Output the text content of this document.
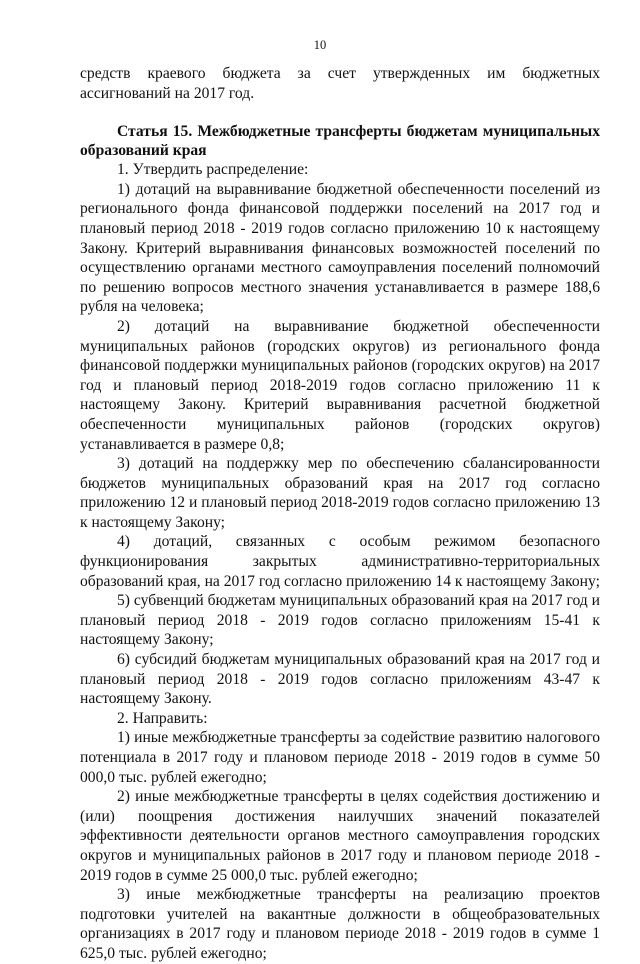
10

средств краевого бюджета за счет утвержденных им бюджетных ассигнований на 2017 год.

Статья 15. Межбюджетные трансферты бюджетам муниципальных образований края

1. Утвердить распределение:

1) дотаций на выравнивание бюджетной обеспеченности поселений из регионального фонда финансовой поддержки поселений на 2017 год и плановый период 2018 - 2019 годов согласно приложению 10 к настоящему Закону. Критерий выравнивания финансовых возможностей поселений по осуществлению органами местного самоуправления поселений полномочий по решению вопросов местного значения устанавливается в размере 188,6 рубля на человека;

2) дотаций на выравнивание бюджетной обеспеченности муниципальных районов (городских округов) из регионального фонда финансовой поддержки муниципальных районов (городских округов) на 2017 год и плановый период 2018-2019 годов согласно приложению 11 к настоящему Закону. Критерий выравнивания расчетной бюджетной обеспеченности муниципальных районов (городских округов) устанавливается в размере 0,8;

3) дотаций на поддержку мер по обеспечению сбалансированности бюджетов муниципальных образований края на 2017 год согласно приложению 12 и плановый период 2018-2019 годов согласно приложению 13 к настоящему Закону;

4) дотаций, связанных с особым режимом безопасного функционирования закрытых административно-территориальных образований края, на 2017 год согласно приложению 14 к настоящему Закону;

5) субвенций бюджетам муниципальных образований края на 2017 год и плановый период 2018 - 2019 годов согласно приложениям 15-41 к настоящему Закону;

6) субсидий бюджетам муниципальных образований края на 2017 год и плановый период 2018 - 2019 годов согласно приложениям 43-47 к настоящему Закону.

2. Направить:

1) иные межбюджетные трансферты за содействие развитию налогового потенциала в 2017 году и плановом периоде 2018 - 2019 годов в сумме 50 000,0 тыс. рублей ежегодно;

2) иные межбюджетные трансферты в целях содействия достижению и (или) поощрения достижения наилучших значений показателей эффективности деятельности органов местного самоуправления городских округов и муниципальных районов в 2017 году и плановом периоде 2018 - 2019 годов в сумме 25 000,0 тыс. рублей ежегодно;

3) иные межбюджетные трансферты на реализацию проектов подготовки учителей на вакантные должности в общеобразовательных организациях в 2017 году и плановом периоде 2018 - 2019 годов в сумме 1 625,0 тыс. рублей ежегодно;
